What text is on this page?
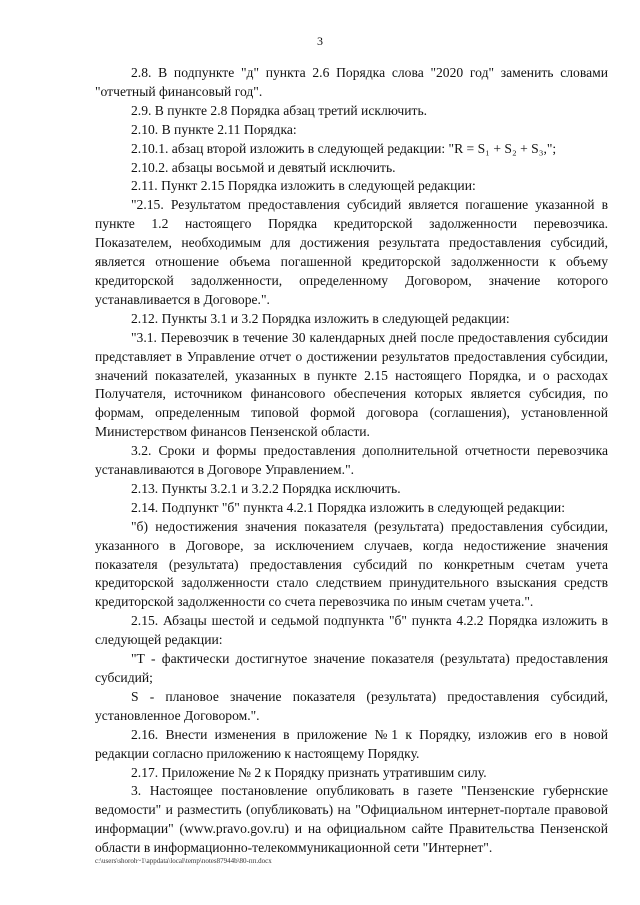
3

2.8. В подпункте "д" пункта 2.6 Порядка слова "2020 год" заменить словами "отчетный финансовый год".

2.9. В пункте 2.8 Порядка абзац третий исключить.

2.10. В пункте 2.11 Порядка:

2.10.1. абзац второй изложить в следующей редакции: "R = S₁ + S₂ + S₃,";

2.10.2. абзацы восьмой и девятый исключить.

2.11. Пункт 2.15 Порядка изложить в следующей редакции:

"2.15. Результатом предоставления субсидий является погашение указанной в пункте 1.2 настоящего Порядка кредиторской задолженности перевозчика. Показателем, необходимым для достижения результата предоставления субсидий, является отношение объема погашенной кредиторской задолженности к объему кредиторской задолженности, определенному Договором, значение которого устанавливается в Договоре.".

2.12. Пункты 3.1 и 3.2 Порядка изложить в следующей редакции:

"3.1. Перевозчик в течение 30 календарных дней после предоставления субсидии представляет в Управление отчет о достижении результатов предоставления субсидии, значений показателей, указанных в пункте 2.15 настоящего Порядка, и о расходах Получателя, источником финансового обеспечения которых является субсидия, по формам, определенным типовой формой договора (соглашения), установленной Министерством финансов Пензенской области.

3.2. Сроки и формы предоставления дополнительной отчетности перевозчика устанавливаются в Договоре Управлением.".

2.13. Пункты 3.2.1 и 3.2.2 Порядка исключить.

2.14. Подпункт "б" пункта 4.2.1 Порядка изложить в следующей редакции:

"б) недостижения значения показателя (результата) предоставления субсидии, указанного в Договоре, за исключением случаев, когда недостижение значения показателя (результата) предоставления субсидий по конкретным счетам учета кредиторской задолженности стало следствием принудительного взыскания средств кредиторской задолженности со счета перевозчика по иным счетам учета.".

2.15. Абзацы шестой и седьмой подпункта "б" пункта 4.2.2 Порядка изложить в следующей редакции:

"Т - фактически достигнутое значение показателя (результата) предоставления субсидий;

S - плановое значение показателя (результата) предоставления субсидий, установленное Договором.".

2.16. Внести изменения в приложение №1 к Порядку, изложив его в новой редакции согласно приложению к настоящему Порядку.

2.17. Приложение № 2 к Порядку признать утратившим силу.

3. Настоящее постановление опубликовать в газете "Пензенские губернские ведомости" и разместить (опубликовать) на "Официальном интернет-портале правовой информации" (www.pravo.gov.ru) и на официальном сайте Правительства Пензенской области в информационно-телекоммуникационной сети "Интернет".

c:\users\shoroh~1\appdata\local\temp\notes87944b\80-пп.docx
